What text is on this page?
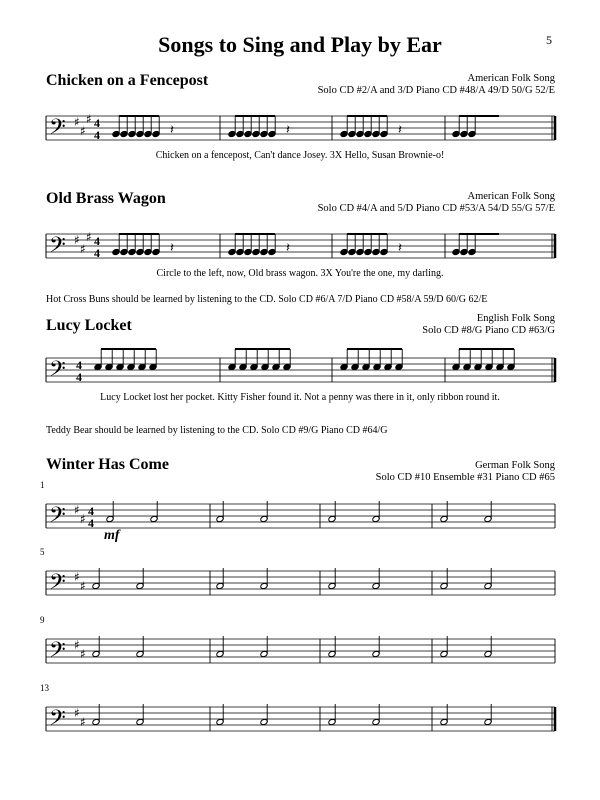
Songs to Sing and Play by Ear	5
Chicken on a Fencepost	American Folk Song
Solo CD #2/A and 3/D Piano CD #48/A 49/D 50/G 52/E
𝄢 ♯
♯
♯ 4
4	𝄽	𝄽	𝄽
Chicken on a fencepost, Can't dance Josey. 3X Hello, Susan Brownie-o!
Old Brass Wagon	American Folk Song
Solo CD #4/A and 5/D Piano CD #53/A 54/D 55/G 57/E
𝄢 ♯
♯
♯ 4
4	𝄽	𝄽	𝄽
Circle to the left, now, Old brass wagon. 3X You're the one, my darling.
Hot Cross Buns should be learned by listening to the CD. Solo CD #6/A 7/D Piano CD #58/A 59/D 60/G 62/E
Lucy Locket	English Folk Song
Solo CD #8/G Piano CD #63/G
𝄢 4
4
Lucy Locket lost her pocket. Kitty Fisher found it. Not a penny was there in it, only ribbon round it.
Teddy Bear should be learned by listening to the CD. Solo CD #9/G Piano CD #64/G
Winter Has Come	German Folk Song
Solo CD #10 Ensemble #31 Piano CD #65
1
𝄢 ♯
♯
4
4
mf
5
𝄢 ♯
♯
9
𝄢 ♯
♯
13
𝄢 ♯
♯
